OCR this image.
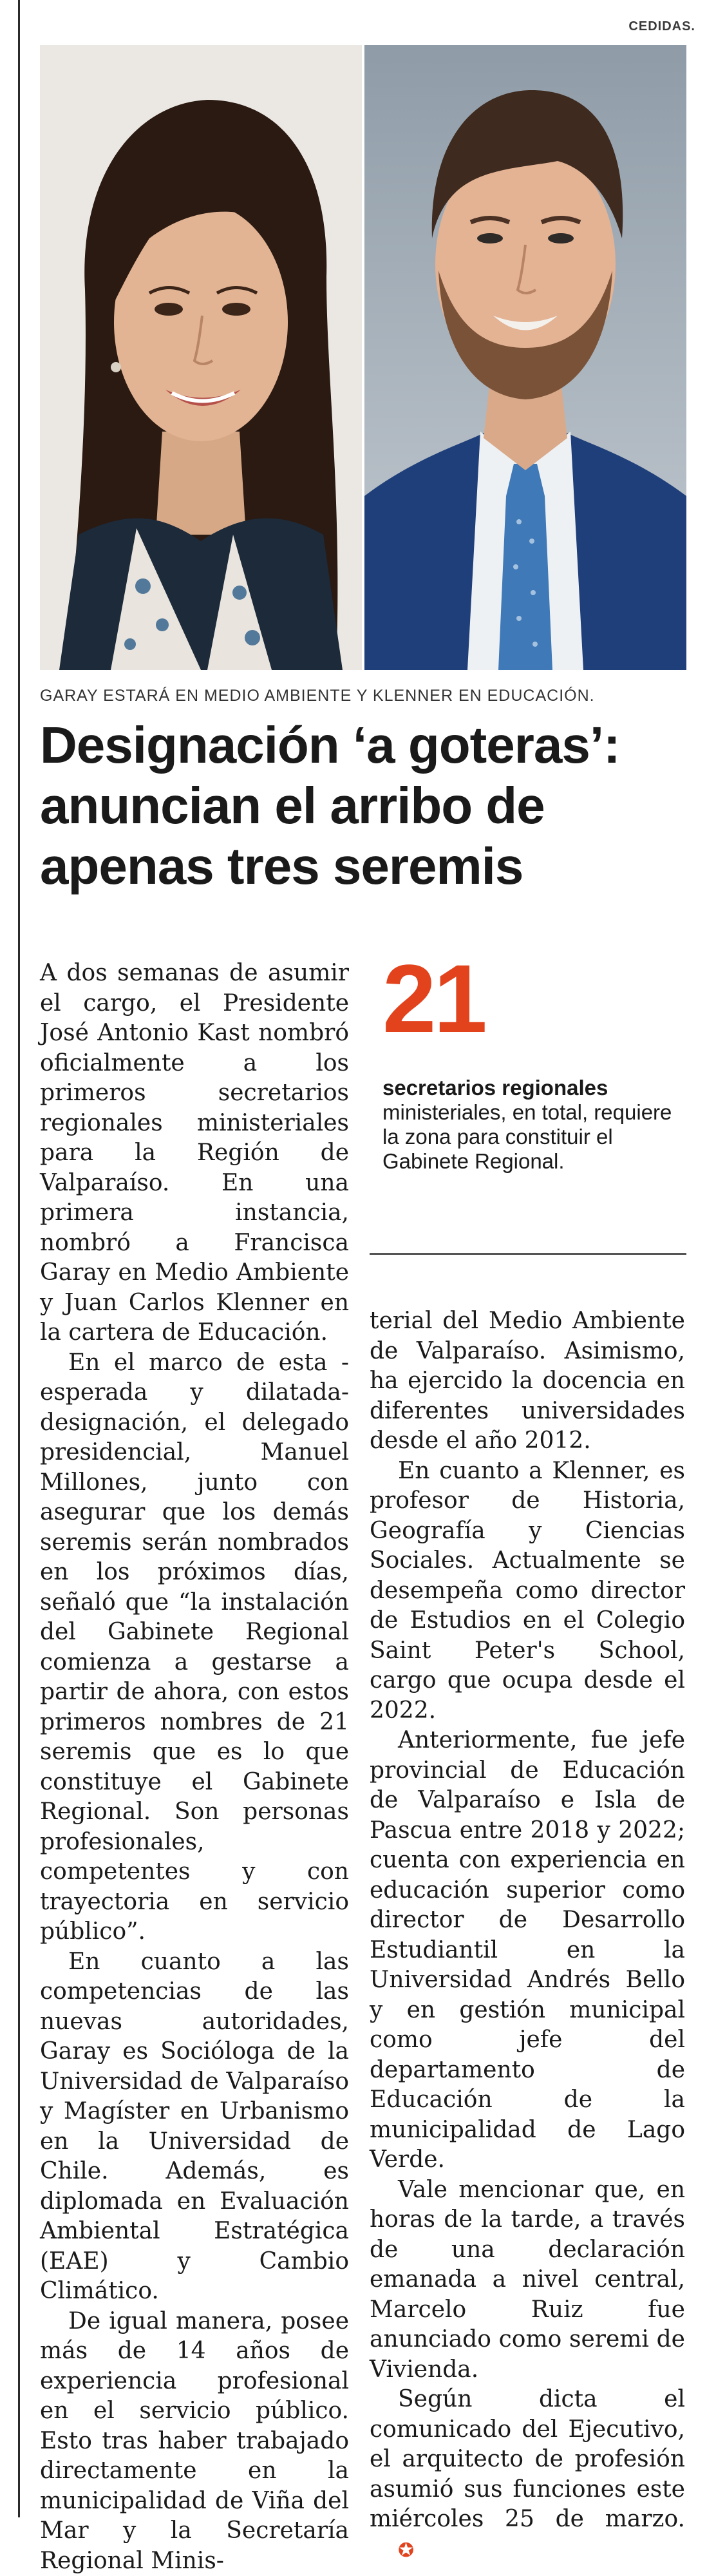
CEDIDAS.
GARAY ESTARÁ EN MEDIO AMBIENTE Y KLENNER EN EDUCACIÓN.
Designación ‘a goteras’: anuncian el arribo de apenas tres seremis

A dos semanas de asumir el cargo, el Presidente José Antonio Kast nombró oficialmente a los primeros secretarios regionales ministeriales para la Región de Valparaíso. En una primera instancia, nombró a Francisca Garay en Medio Ambiente y Juan Carlos Klenner en la cartera de Educación.

En el marco de esta -esperada y dilatada- designación, el delegado presidencial, Manuel Millones, junto con asegurar que los demás seremis serán nombrados en los próximos días, señaló que “la instalación del Gabinete Regional comienza a gestarse a partir de ahora, con estos primeros nombres de 21 seremis que es lo que constituye el Gabinete Regional. Son personas profesionales, competentes y con trayectoria en servicio público”.

En cuanto a las competencias de las nuevas autoridades, Garay es Socióloga de la Universidad de Valparaíso y Magíster en Urbanismo en la Universidad de Chile. Además, es diplomada en Evaluación Ambiental Estratégica (EAE) y Cambio Climático.

De igual manera, posee más de 14 años de experiencia profesional en el servicio público. Esto tras haber trabajado directamente en la municipalidad de Viña del Mar y la Secretaría Regional Minis-

21
secretarios regionales
ministeriales, en total, requiere la zona para constituir el Gabinete Regional.

terial del Medio Ambiente de Valparaíso. Asimismo, ha ejercido la docencia en diferentes universidades desde el año 2012.

En cuanto a Klenner, es profesor de Historia, Geografía y Ciencias Sociales. Actualmente se desempeña como director de Estudios en el Colegio Saint Peter's School, cargo que ocupa desde el 2022.

Anteriormente, fue jefe provincial de Educación de Valparaíso e Isla de Pascua entre 2018 y 2022; cuenta con experiencia en educación superior como director de Desarrollo Estudiantil en la Universidad Andrés Bello y en gestión municipal como jefe del departamento de Educación de la municipalidad de Lago Verde.

Vale mencionar que, en horas de la tarde, a través de una declaración emanada a nivel central, Marcelo Ruiz fue anunciado como seremi de Vivienda.

Según dicta el comunicado del Ejecutivo, el arquitecto de profesión asumió sus funciones este miércoles 25 de marzo. ✪
